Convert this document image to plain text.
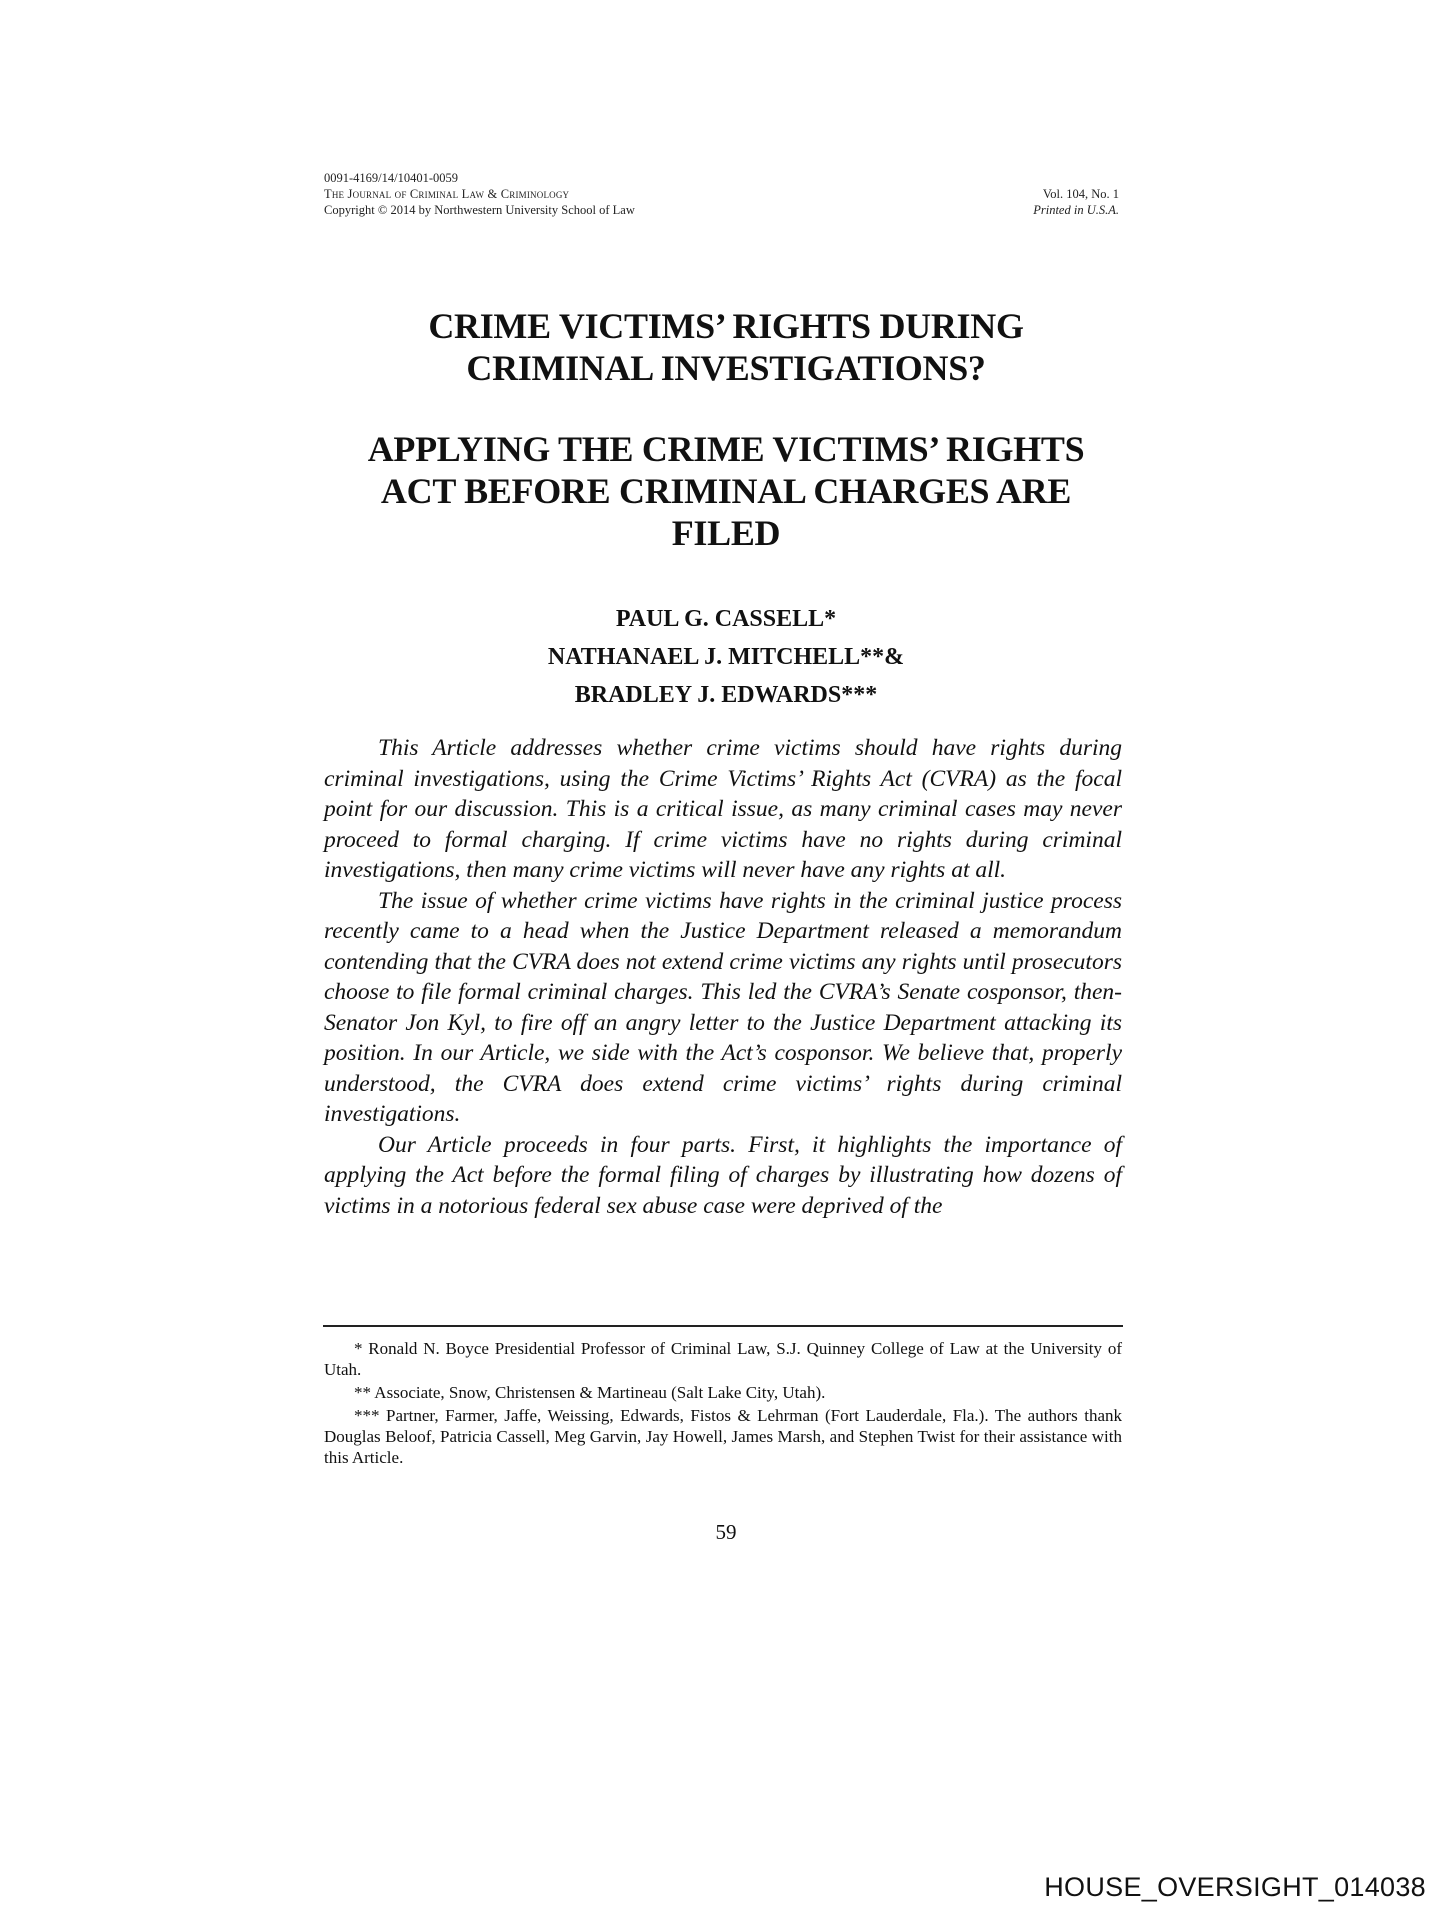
0091-4169/14/10401-0059
The Journal of Criminal Law & Criminology
Copyright © 2014 by Northwestern University School of Law
Vol. 104, No. 1
Printed in U.S.A.
CRIME VICTIMS’ RIGHTS DURING
CRIMINAL INVESTIGATIONS?
APPLYING THE CRIME VICTIMS’ RIGHTS
ACT BEFORE CRIMINAL CHARGES ARE
FILED
PAUL G. CASSELL*
NATHANAEL J. MITCHELL**&
BRADLEY J. EDWARDS***

This Article addresses whether crime victims should have rights during criminal investigations, using the Crime Victims’ Rights Act (CVRA) as the focal point for our discussion. This is a critical issue, as many criminal cases may never proceed to formal charging. If crime victims have no rights during criminal investigations, then many crime victims will never have any rights at all.

The issue of whether crime victims have rights in the criminal justice process recently came to a head when the Justice Department released a memorandum contending that the CVRA does not extend crime victims any rights until prosecutors choose to file formal criminal charges. This led the CVRA’s Senate cosponsor, then-Senator Jon Kyl, to fire off an angry letter to the Justice Department attacking its position. In our Article, we side with the Act’s cosponsor. We believe that, properly understood, the CVRA does extend crime victims’ rights during criminal investigations.

Our Article proceeds in four parts. First, it highlights the importance of applying the Act before the formal filing of charges by illustrating how dozens of victims in a notorious federal sex abuse case were deprived of the

* Ronald N. Boyce Presidential Professor of Criminal Law, S.J. Quinney College of Law at the University of Utah.

** Associate, Snow, Christensen & Martineau (Salt Lake City, Utah).

*** Partner, Farmer, Jaffe, Weissing, Edwards, Fistos & Lehrman (Fort Lauderdale, Fla.). The authors thank Douglas Beloof, Patricia Cassell, Meg Garvin, Jay Howell, James Marsh, and Stephen Twist for their assistance with this Article.

59
HOUSE_OVERSIGHT_014038
